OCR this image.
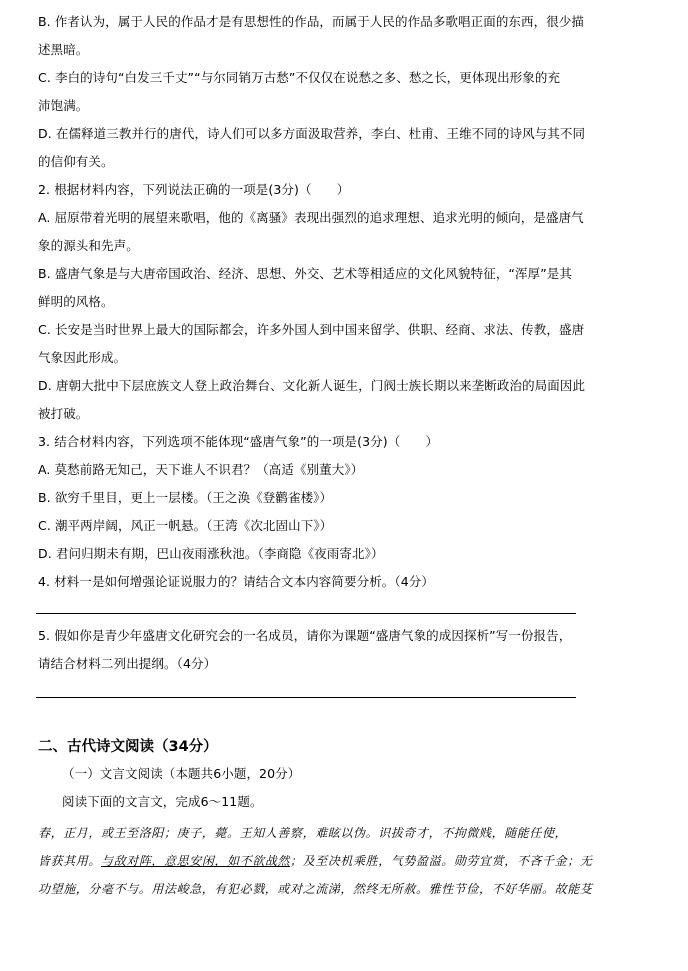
B. 作者认为，属于人民的作品才是有思想性的作品，而属于人民的作品多歌唱正面的东西，很少描
述黑暗。
C. 李白的诗句“白发三千丈”“与尔同销万古愁”不仅仅在说愁之多、愁之长，更体现出形象的充
沛饱满。
D. 在儒释道三教并行的唐代，诗人们可以多方面汲取营养，李白、杜甫、王维不同的诗风与其不同
的信仰有关。
2. 根据材料内容，下列说法正确的一项是(3分)（　　）
A. 屈原带着光明的展望来歌唱，他的《离骚》表现出强烈的追求理想、追求光明的倾向，是盛唐气
象的源头和先声。
B. 盛唐气象是与大唐帝国政治、经济、思想、外交、艺术等相适应的文化风貌特征，“浑厚”是其
鲜明的风格。
C. 长安是当时世界上最大的国际都会，许多外国人到中国来留学、供职、经商、求法、传教，盛唐
气象因此形成。
D. 唐朝大批中下层庶族文人登上政治舞台、文化新人诞生，门阀士族长期以来垄断政治的局面因此
被打破。
3. 结合材料内容，下列选项不能体现“盛唐气象”的一项是(3分)（　　）
A. 莫愁前路无知己，天下谁人不识君？（高适《别董大》）
B. 欲穷千里目，更上一层楼。（王之涣《登鹳雀楼》）
C. 潮平两岸阔，风正一帆悬。（王湾《次北固山下》）
D. 君问归期未有期，巴山夜雨涨秋池。（李商隐《夜雨寄北》）
4. 材料一是如何增强论证说服力的？请结合文本内容简要分析。（4分）
5. 假如你是青少年盛唐文化研究会的一名成员，请你为课题“盛唐气象的成因探析”写一份报告，
请结合材料二列出提纲。（4分）
二、古代诗文阅读（34分）
（一）文言文阅读（本题共6小题，20分）
阅读下面的文言文，完成6～11题。
春，正月，或王至洛阳；庚子，薨。王知人善察，难眩以伪。识拔奇才，不拘微贱，随能任使，
皆获其用。与敌对阵，意思安闲，如不欲战然；及至决机乘胜，气势盈溢。勋劳宜赏，不吝千金；无
功望施，分毫不与。用法峻急，有犯必戮，或对之流涕，然终无所赦。雅性节俭，不好华丽。故能芟
